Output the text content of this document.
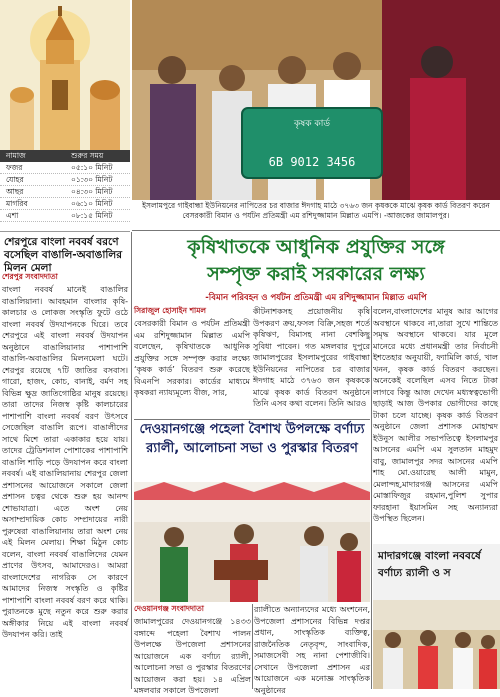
নামাজ	শুরুর সময়
ফজর	০৫:১০ মিনিট
যোহর	০১:৩০ মিনিট
আছর	০৪:৩০ মিনিট
মাগরিব	০৬:১০ মিনিট
এশা	০৮:১৫ মিনিট
শেরপুরে বাংলা নববর্ষ বরণে বসেছিল বাঙালি-অবাঙালির মিলন মেলা
শেরপুর সংবাদদাতা
বাংলা নববর্ষ মানেই বাঙালির বাঙালিয়ানা। আবহমান বাংলার কৃষি-কালচার ও লোকজ সংস্কৃতি ফুটে ওঠে বাংলা নববর্ষ উদযাপনকে ঘিরে। তবে শেরপুরে এই বাংলা নববর্ষ উদযাপন অনুষ্ঠানে বাঙালিয়ানার পাশাপাশি বাঙালি-অবাঙালির মিলনমেলা ঘটে। শেরপুর রয়েছে ৭টি জাতির বসবাস। গারো, হাজং, কোচ, বানাই, বর্মণ সহ বিভিন্ন ক্ষুদ্র জাতিগোষ্ঠির মানুষ রয়েছে। তারা তাদের নিজস্ব কৃষ্টি কালচারের পাশাপাশি বাংলা নববর্ষ বরণ উৎসবে সেজেছিল বাঙালি রূপে। বাঙালীদের সাথে মিশে তারা একাকার হয়ে যায়। তাদের ট্রেডিশনাল পোশাকের পাশাপাশি বাঙালি শাড়ি পড়ে উদযাপন করে বাংলা নববর্ষ। এই বাঙালিয়ানায় শেরপুর জেলা প্রশাসনের আয়োজনে সকালে জেলা প্রশাসন চত্বর থেকে শুরু হয় আনন্দ শোভাযাত্রা। এতে অংশ নেয় অসাম্প্রদায়িক কোচ সম্প্রদায়ের নারী পুরুষেরা বাঙালিয়ানায় তারা অংশ নেয় এই মিলন মেলায়। শিক্ষা মিঠুন কোচ বলেন, বাংলা নববর্ষ বাঙালিদের যেমন প্রাণের উৎসব, আমাদেরও। আমরা বাংলাদেশের নাগরিক সে কারণে আমাদের নিজস্ব সংস্কৃতি ও কৃষ্টির পাশাপাশি বাংলা নববর্ষ বরণ করে থাকি। পুরাতনকে মুছে নতুন করে শুরু করার অঙ্গীকার নিয়ে এই বাংলা নববর্ষ উদযাপন করি। তাই
কৃষক কার্ড
6B 9012 3456
ইসলামপুরে গাইবান্ধা ইউনিয়নের নাপিতের চর বাজার ঈদগাহ মাঠে ৩৭৬৩ জন কৃষককে মাঝে কৃষক কার্ড বিতরণ করেন বেসরকারী বিমান ও পর্যটন প্রতিমন্ত্রী এম রশিদুজ্জামান মিল্লাত এমপি। -আজকের জামালপুর।
কৃষিখাতকে আধুনিক প্রযুক্তির সঙ্গে
সম্পৃক্ত করাই সরকারের লক্ষ্য
-বিমান পরিবহন ও পর্যটন প্রতিমন্ত্রী এম রশিদুজ্জামান মিল্লাত এমপি
সিরাজুল হোসাইন শামল
বেসরকারী বিমান ও পর্যটন প্রতিমন্ত্রী এম রশিদুজ্জামান মিল্লাত এমপি বলেছেন, কৃষিখাতকে আধুনিক প্রযুক্তির সঙ্গে সম্পৃক্ত করার লক্ষ্যে ‘কৃষক কার্ড’ বিতরণ শুরু করেছে বিএনপি সরকার। কার্ডের মাধ্যমে কৃষকরা ন্যায্যমূল্যে বীজ, সার,
কীটনাশকসহ প্রয়োজনীয় কৃষি উপকরণ ক্রয়,ফসল বিক্রি,সহজ শর্তে কৃষিঋণ, বিমাসহ নানা বেশকিছু সুবিধা পাবেন। গত মঙ্গলবার দুপুরে জামালপুরের ইসলামপুরের গাইবান্ধা ইউনিয়নের নাপিতের চর বাজার ঈদগাহ মাঠে ৩৭৬৩ জন কৃষককে মাঝে কৃষক কার্ড বিতরণ অনুষ্ঠানে তিনি এসব কথা বলেন। তিনি আরও
বলেন,বাংলাদেশের মানুষ আর আগের অবস্থানে থাকবে না,তারা সুখে শান্তিতে সমৃদ্ধ অবস্থানে থাকবে। যার মূলে মানেরে মধ্যে প্রধানমন্ত্রী তার নির্বাচনী ইশতেহার অনুযায়ী, ফ্যামিলি কার্ড, খাল খনন, কৃষক কার্ড বিতরণ করছেন। অনেকেই বলেছিল এসব নিতে টাকা লাগবে কিন্তু আজ দেখেন মধ্যস্বত্বভোগী ছাড়াই আজ উপকার ভোগীদের কাছে টাকা চলে যাচ্ছে। কৃষক কার্ড বিতরণ অনুষ্ঠানে জেলা প্রশাসক মোহাম্মদ ইউনুস আলীর সভাপতিত্বে ইসলামপুর আসনের এমপি এম সুলতান মাহমুদ বাবু, জামালপুর সদর আসনের এমপি শাহ মো.ওয়ারেছ আলী মামুন, মেলান্দহ,মাদারগঞ্জ আসনের এমপি মোস্তাফিজুর রহমান,পুলিশ সুপার ফারহানা ইয়াসমিন সহ অন্যান্যরা উপস্থিত ছিলেন।
দেওয়ানগঞ্জে পহেলা বৈশাখ উপলক্ষে বর্ণাঢ্য র‍্যালী, আলোচনা সভা ও পুরস্কার বিতরণ
দেওয়ানগঞ্জ সংবাদদাতা
জামালপুরের দেওয়ানগঞ্জে ১৪৩৩ বঙ্গাব্দে পহেলা বৈশাখ পালন উপলক্ষে উপজেলা প্রশাসনের আয়োজনে এক বর্ণাঢ্য র‍্যালী, আলোচনা সভা ও পুরস্কার বিতরণের আয়োজন করা হয়। ১৪ এপ্রিল মঙ্গলবার সকালে উপজেলা
র‍্যালীতে অন্যান্যদের মধ্যে অংশনেন, উপজেলা প্রশাসনের বিভিন্ন দপ্তর প্রধান, সাংস্কৃতিক ব্যক্তিত্ব, রাজনৈতিক নেতৃবৃন্দ, সাংবাদিক, সমাজসেবী সহ নানা পেশাজীবি। সেখানে উপজেলা প্রশাসন এর আয়োজনে এক মনোজ্ঞ সাংস্কৃতিক অনুষ্ঠানের
মাদারগঞ্জে বাংলা নববর্ষে বর্ণাঢ্য র‍্যালী ও স
